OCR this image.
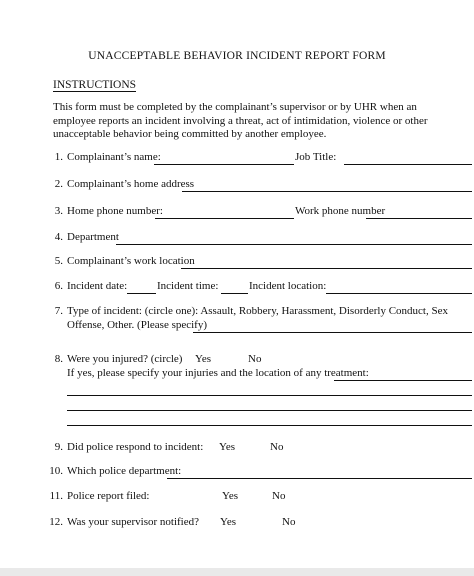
UNACCEPTABLE BEHAVIOR INCIDENT REPORT FORM
INSTRUCTIONS
This form must be completed by the complainant’s supervisor or by UHR when an employee reports an incident involving a threat, act of intimidation, violence or other unacceptable behavior being committed by another employee.
1. Complainant’s name:	Job Title:
2. Complainant’s home address
3. Home phone number:	Work phone number
4. Department
5. Complainant’s work location
6. Incident date:	Incident time:	Incident location:
7. Type of incident: (circle one): Assault, Robbery, Harassment, Disorderly Conduct, Sex
Offense, Other. (Please specify)
8. Were you injured? (circle) Yes	No
If yes, please specify your injuries and the location of any treatment:
9. Did police respond to incident: Yes	No
10. Which police department:
11. Police report filed:	Yes	No
12. Was your supervisor notified? Yes	No
